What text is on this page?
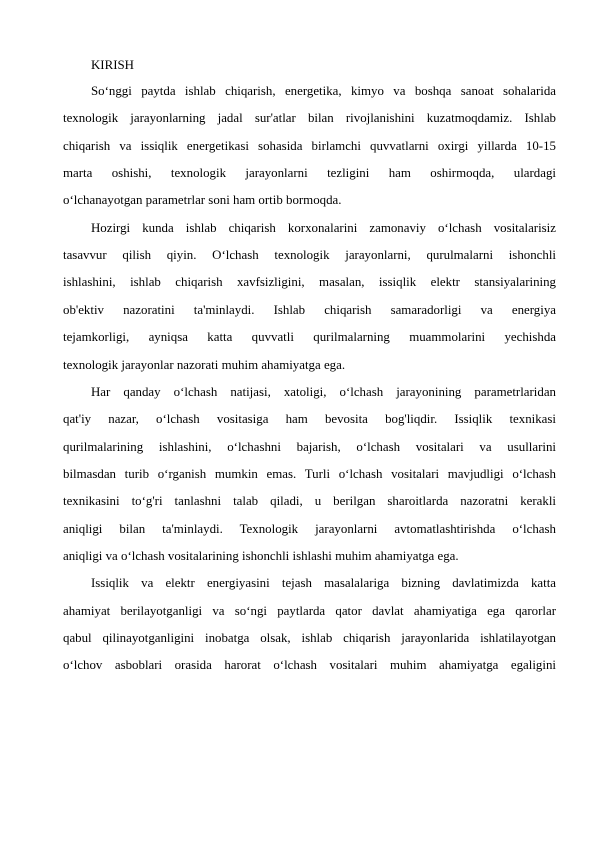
KIRISH
So‘nggi paytda ishlab chiqarish, energetika, kimyo va boshqa sanoat sohalarida
texnologik jarayonlarning jadal sur'atlar bilan rivojlanishini kuzatmoqdamiz. Ishlab
chiqarish va issiqlik energetikasi sohasida birlamchi quvvatlarni oxirgi yillarda 10-15
marta oshishi, texnologik jarayonlarni tezligini ham oshirmoqda, ulardagi
o‘lchanayotgan parametrlar soni ham ortib bormoqda.
Hozirgi kunda ishlab chiqarish korxonalarini zamonaviy o‘lchash vositalarisiz
tasavvur qilish qiyin. O‘lchash texnologik jarayonlarni, qurulmalarni ishonchli
ishlashini, ishlab chiqarish xavfsizligini, masalan, issiqlik elektr stansiyalarining
ob'ektiv nazoratini ta'minlaydi. Ishlab chiqarish samaradorligi va energiya
tejamkorligi, ayniqsa katta quvvatli qurilmalarning muammolarini yechishda
texnologik jarayonlar nazorati muhim ahamiyatga ega.
Har qanday o‘lchash natijasi, xatoligi, o‘lchash jarayonining parametrlaridan
qat'iy nazar, o‘lchash vositasiga ham bevosita bog'liqdir. Issiqlik texnikasi
qurilmalarining ishlashini, o‘lchashni bajarish, o‘lchash vositalari va usullarini
bilmasdan turib o‘rganish mumkin emas. Turli o‘lchash vositalari mavjudligi o‘lchash
texnikasini to‘g'ri tanlashni talab qiladi, u berilgan sharoitlarda nazoratni kerakli
aniqligi bilan ta'minlaydi. Texnologik jarayonlarni avtomatlashtirishda o‘lchash
aniqligi va o‘lchash vositalarining ishonchli ishlashi muhim ahamiyatga ega.
Issiqlik va elektr energiyasini tejash masalalariga bizning davlatimizda katta
ahamiyat berilayotganligi va so‘ngi paytlarda qator davlat ahamiyatiga ega qarorlar
qabul qilinayotganligini inobatga olsak, ishlab chiqarish jarayonlarida ishlatilayotgan
o‘lchov asboblari orasida harorat o‘lchash vositalari muhim ahamiyatga egaligini
